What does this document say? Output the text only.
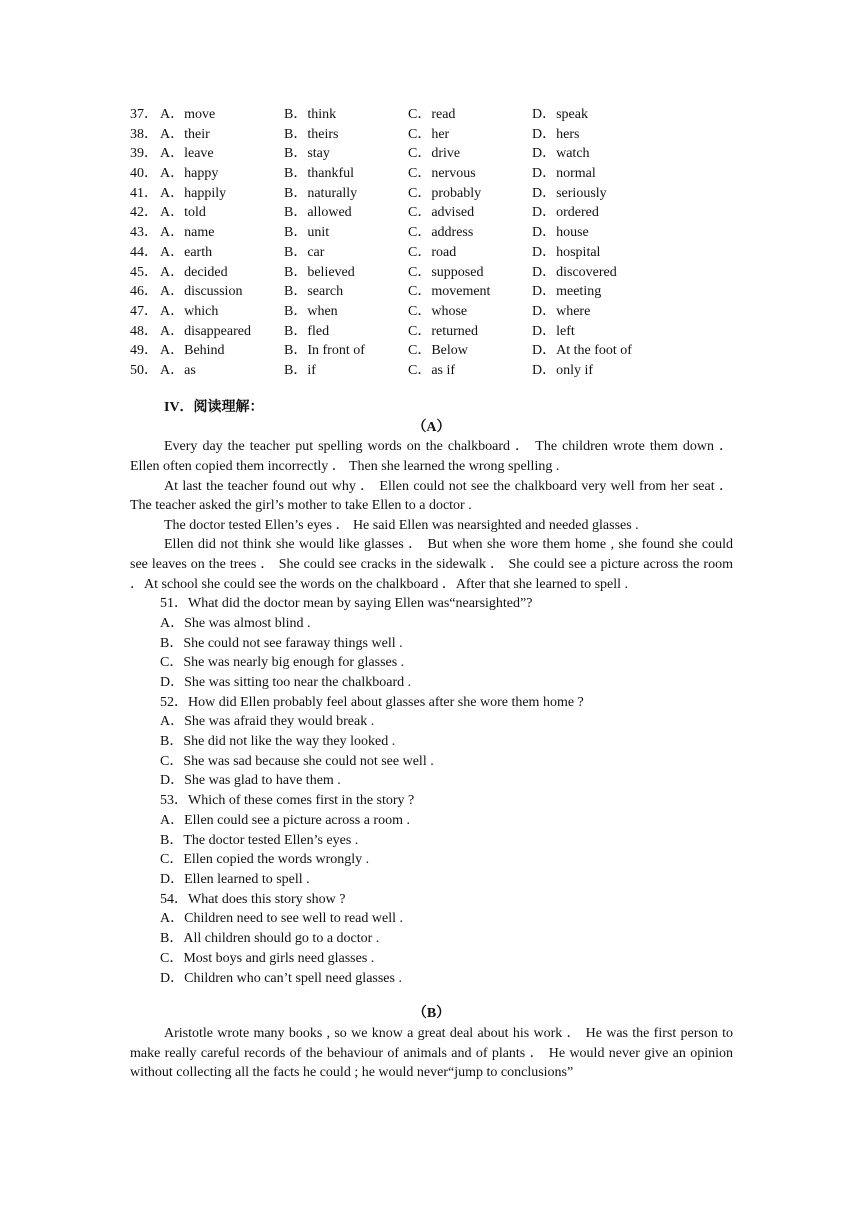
37． A．move	B．think	C．read	D．speak
38． A．their	B．theirs	C．her	D．hers
39． A．leave	B．stay	C．drive	D．watch
40． A．happy	B．thankful	C．nervous	D．normal
41． A．happily	B．naturally	C．probably	D．seriously
42． A．told	B．allowed	C．advised	D．ordered
43． A．name	B．unit	C．address	D．house
44． A．earth	B．car	C．road	D．hospital
45． A．decided	B．believed	C．supposed	D．discovered
46． A．discussion	B．search	C．movement	D．meeting
47． A．which	B．when	C．whose	D．where
48． A．disappeared	B．fled	C．returned	D．left
49． A．Behind	B．In front of	C．Below	D．At the foot of
50． A．as	B．if	C．as if	D．only if
IV．阅读理解：
（A）

Every day the teacher put spelling words on the chalkboard ． The children wrote them down ． Ellen often copied them incorrectly ． Then she learned the wrong spelling .

At last the teacher found out why ． Ellen could not see the chalkboard very well from her seat ． The teacher asked the girl’s mother to take Ellen to a doctor .

The doctor tested Ellen’s eyes ． He said Ellen was nearsighted and needed glasses .

Ellen did not think she would like glasses ． But when she wore them home , she found she could see leaves on the trees ． She could see cracks in the sidewalk ． She could see a picture across the room ．At school she could see the words on the chalkboard ．After that she learned to spell .

51．What did the doctor mean by saying Ellen was“nearsighted”?
A．She was almost blind .
B．She could not see faraway things well .
C．She was nearly big enough for glasses .
D．She was sitting too near the chalkboard .
52．How did Ellen probably feel about glasses after she wore them home ?
A．She was afraid they would break .
B．She did not like the way they looked .
C．She was sad because she could not see well .
D．She was glad to have them .
53．Which of these comes first in the story ?
A．Ellen could see a picture across a room .
B．The doctor tested Ellen’s eyes .
C．Ellen copied the words wrongly .
D．Ellen learned to spell .
54．What does this story show ?
A．Children need to see well to read well .
B．All children should go to a doctor .
C．Most boys and girls need glasses .
D．Children who can’t spell need glasses .
（B）

Aristotle wrote many books , so we know a great deal about his work ． He was the first person to make really careful records of the behaviour of animals and of plants ． He would never give an opinion without collecting all the facts he could ; he would never“jump to conclusions”
